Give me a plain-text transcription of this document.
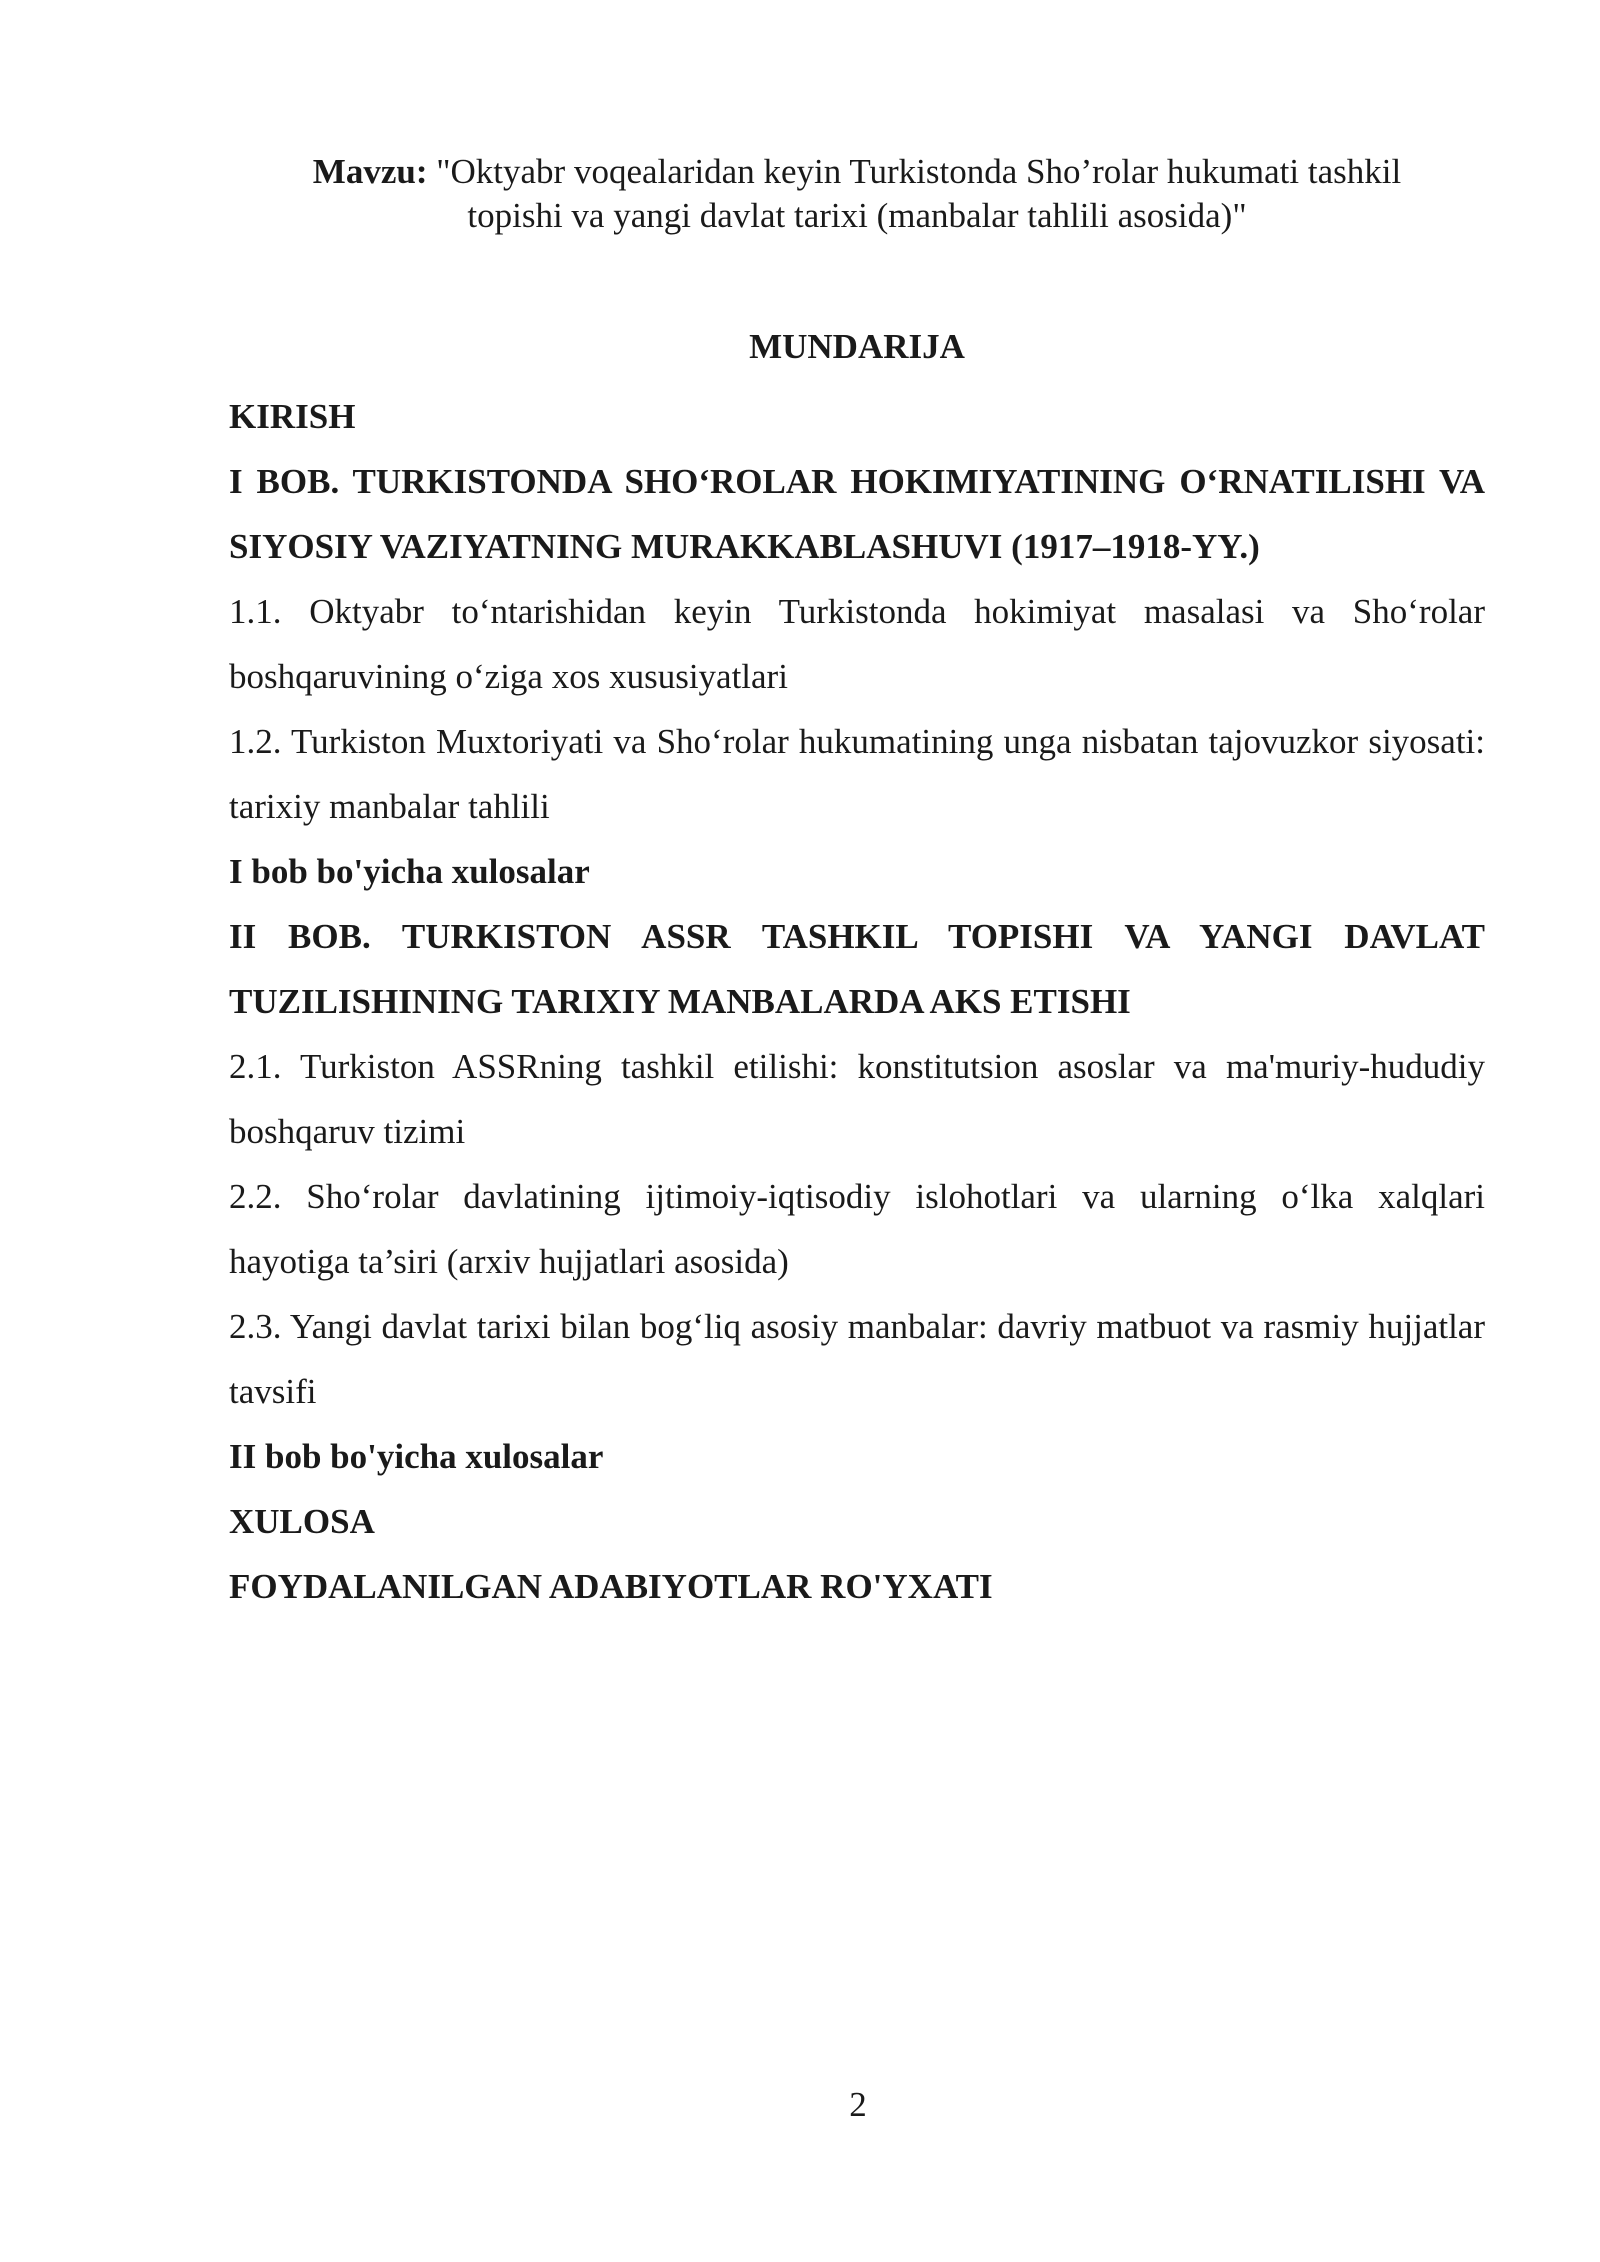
Mavzu: "Oktyabr voqealaridan keyin Turkistonda Sho’rolar hukumati tashkil
topishi va yangi davlat tarixi (manbalar tahlili asosida)"
MUNDARIJA
KIRISH
I BOB. TURKISTONDA SHO‘ROLAR HOKIMIYATINING O‘RNATILISHI VA SIYOSIY VAZIYATNING MURAKKABLASHUVI (1917–1918-YY.)
1.1. Oktyabr to‘ntarishidan keyin Turkistonda hokimiyat masalasi va Sho‘rolar boshqaruvining o‘ziga xos xususiyatlari
1.2. Turkiston Muxtoriyati va Sho‘rolar hukumatining unga nisbatan tajovuzkor siyosati: tarixiy manbalar tahlili
I bob bo'yicha xulosalar
II BOB. TURKISTON ASSR TASHKIL TOPISHI VA YANGI DAVLAT TUZILISHINING TARIXIY MANBALARDA AKS ETISHI
2.1. Turkiston ASSRning tashkil etilishi: konstitutsion asoslar va ma'muriy-hududiy boshqaruv tizimi
2.2. Sho‘rolar davlatining ijtimoiy-iqtisodiy islohotlari va ularning o‘lka xalqlari hayotiga ta’siri (arxiv hujjatlari asosida)
2.3. Yangi davlat tarixi bilan bog‘liq asosiy manbalar: davriy matbuot va rasmiy hujjatlar tavsifi
II bob bo'yicha xulosalar
XULOSA
FOYDALANILGAN ADABIYOTLAR RO'YXATI
2
